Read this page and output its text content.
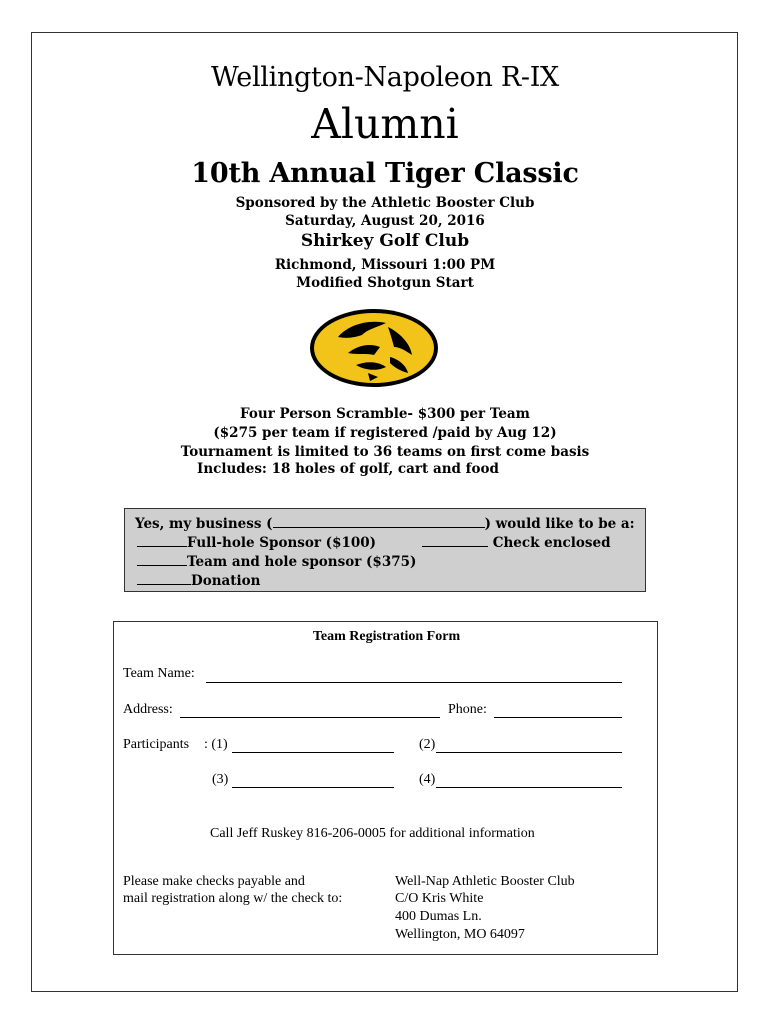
Wellington-Napoleon R-IX
Alumni
10th Annual Tiger Classic
Sponsored by the Athletic Booster Club
Saturday, August 20, 2016
Shirkey Golf Club
Richmond, Missouri 1:00 PM
Modified Shotgun Start
Four Person Scramble- $300 per Team
($275 per team if registered /paid by Aug 12)
Tournament is limited to 36 teams on first come basis
Includes: 18 holes of golf, cart and food
Yes, my business (	) would like to be a:
Full-hole Sponsor ($100)	Check enclosed
Team and hole sponsor ($375)
Donation
Team Registration Form
Team Name:
Address:	Phone:
Participants : (1)	(2)
(3)	(4)
Call Jeff Ruskey 816-206-0005 for additional information
Please make checks payable and
mail registration along w/ the check to:
Well-Nap Athletic Booster Club
C/O Kris White
400 Dumas Ln.
Wellington, MO 64097
